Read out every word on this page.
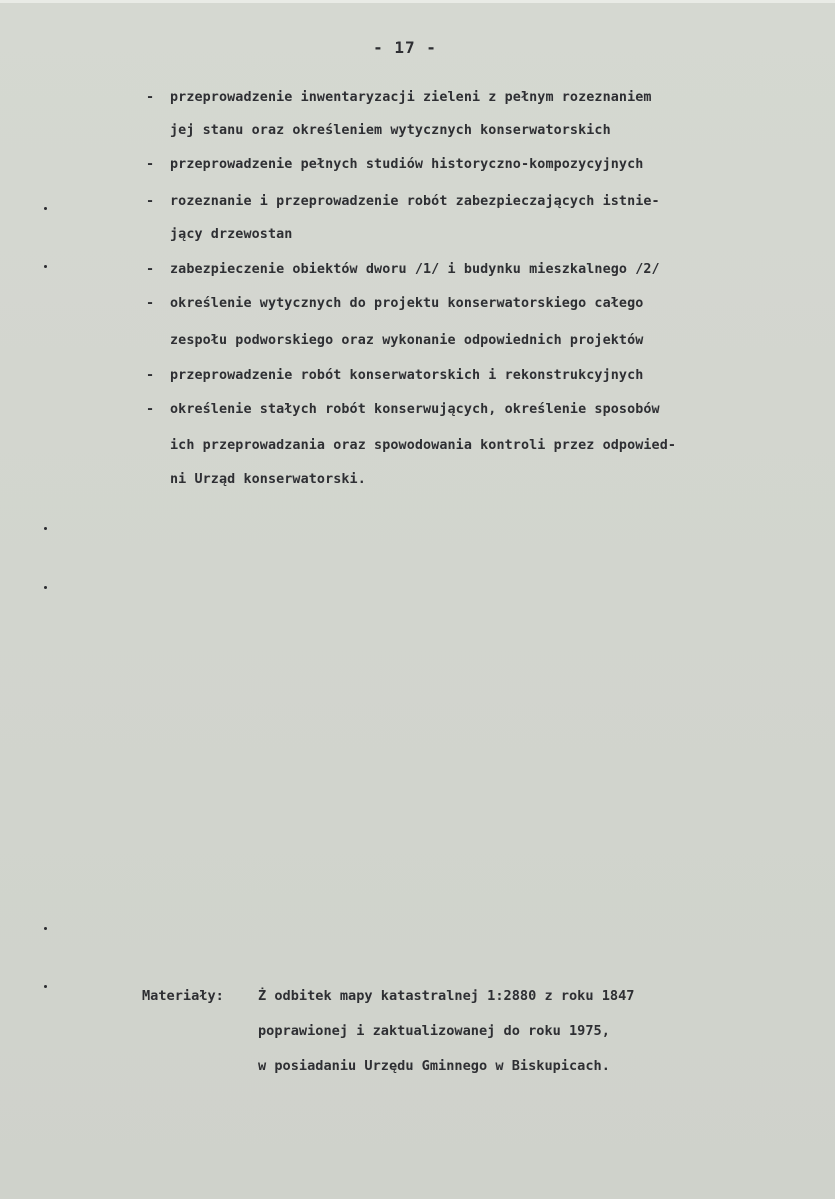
- 17 -
- przeprowadzenie inwentaryzacji zieleni z pełnym rozeznaniem
jej stanu oraz określeniem wytycznych konserwatorskich
- przeprowadzenie pełnych studiów historyczno-kompozycyjnych
- rozeznanie i przeprowadzenie robót zabezpieczających istnie-
jący drzewostan
- zabezpieczenie obiektów dworu /1/ i budynku mieszkalnego /2/
- określenie wytycznych do projektu konserwatorskiego całego
zespołu podworskiego oraz wykonanie odpowiednich projektów
- przeprowadzenie robót konserwatorskich i rekonstrukcyjnych
- określenie stałych robót konserwujących, określenie sposobów
ich przeprowadzania oraz spowodowania kontroli przez odpowied-
ni Urząd konserwatorski.
Materiały:	Ż odbitek mapy katastralnej 1:2880 z roku 1847
poprawionej i zaktualizowanej do roku 1975,
w posiadaniu Urzędu Gminnego w Biskupicach.
